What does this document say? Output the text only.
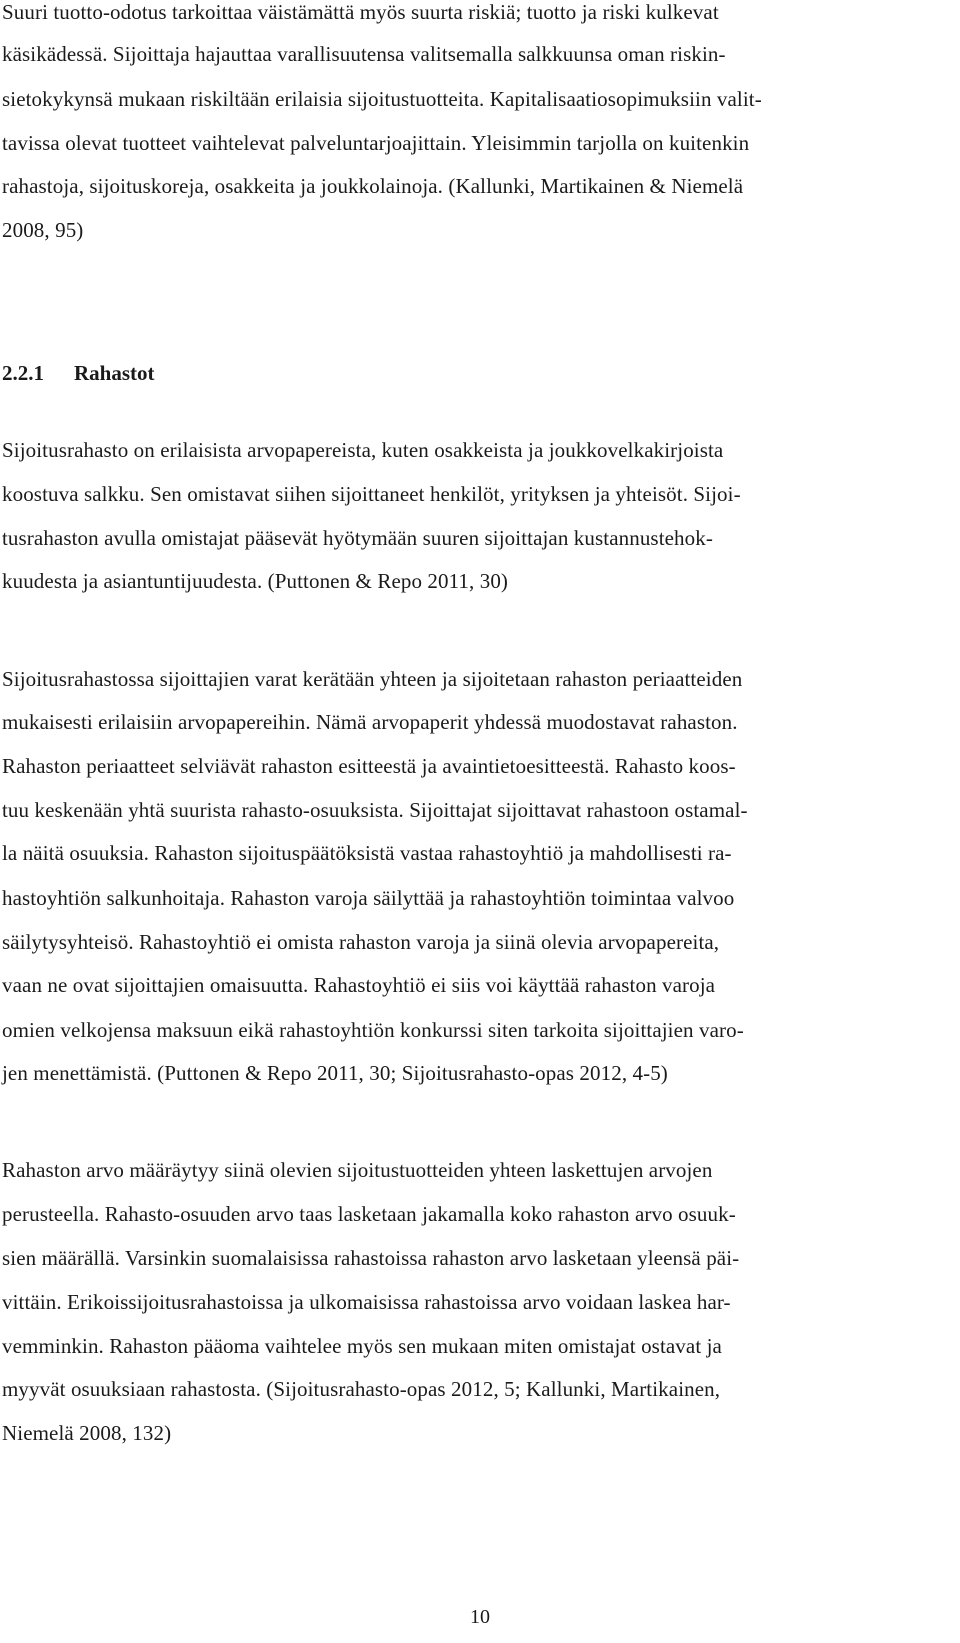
Suuri tuotto-odotus tarkoittaa väistämättä myös suurta riskiä; tuotto ja riski kulkevat
käsikädessä. Sijoittaja hajauttaa varallisuutensa valitsemalla salkkuunsa oman riskin-
sietokykynsä mukaan riskiltään erilaisia sijoitustuotteita. Kapitalisaatiosopimuksiin valit-
tavissa olevat tuotteet vaihtelevat palveluntarjoajittain. Yleisimmin tarjolla on kuitenkin
rahastoja, sijoituskoreja, osakkeita ja joukkolainoja. (Kallunki, Martikainen & Niemelä
2008, 95)
2.2.1 Rahastot
Sijoitusrahasto on erilaisista arvopapereista, kuten osakkeista ja joukkovelkakirjoista
koostuva salkku. Sen omistavat siihen sijoittaneet henkilöt, yrityksen ja yhteisöt. Sijoi-
tusrahaston avulla omistajat pääsevät hyötymään suuren sijoittajan kustannustehok-
kuudesta ja asiantuntijuudesta. (Puttonen & Repo 2011, 30)
Sijoitusrahastossa sijoittajien varat kerätään yhteen ja sijoitetaan rahaston periaatteiden
mukaisesti erilaisiin arvopapereihin. Nämä arvopaperit yhdessä muodostavat rahaston.
Rahaston periaatteet selviävät rahaston esitteestä ja avaintietoesitteestä. Rahasto koos-
tuu keskenään yhtä suurista rahasto-osuuksista. Sijoittajat sijoittavat rahastoon ostamal-
la näitä osuuksia. Rahaston sijoituspäätöksistä vastaa rahastoyhtiö ja mahdollisesti ra-
hastoyhtiön salkunhoitaja. Rahaston varoja säilyttää ja rahastoyhtiön toimintaa valvoo
säilytysyhteisö. Rahastoyhtiö ei omista rahaston varoja ja siinä olevia arvopapereita,
vaan ne ovat sijoittajien omaisuutta. Rahastoyhtiö ei siis voi käyttää rahaston varoja
omien velkojensa maksuun eikä rahastoyhtiön konkurssi siten tarkoita sijoittajien varo-
jen menettämistä. (Puttonen & Repo 2011, 30; Sijoitusrahasto-opas 2012, 4-5)
Rahaston arvo määräytyy siinä olevien sijoitustuotteiden yhteen laskettujen arvojen
perusteella. Rahasto-osuuden arvo taas lasketaan jakamalla koko rahaston arvo osuuk-
sien määrällä. Varsinkin suomalaisissa rahastoissa rahaston arvo lasketaan yleensä päi-
vittäin. Erikoissijoitusrahastoissa ja ulkomaisissa rahastoissa arvo voidaan laskea har-
vemminkin. Rahaston pääoma vaihtelee myös sen mukaan miten omistajat ostavat ja
myyvät osuuksiaan rahastosta. (Sijoitusrahasto-opas 2012, 5; Kallunki, Martikainen,
Niemelä 2008, 132)
10
